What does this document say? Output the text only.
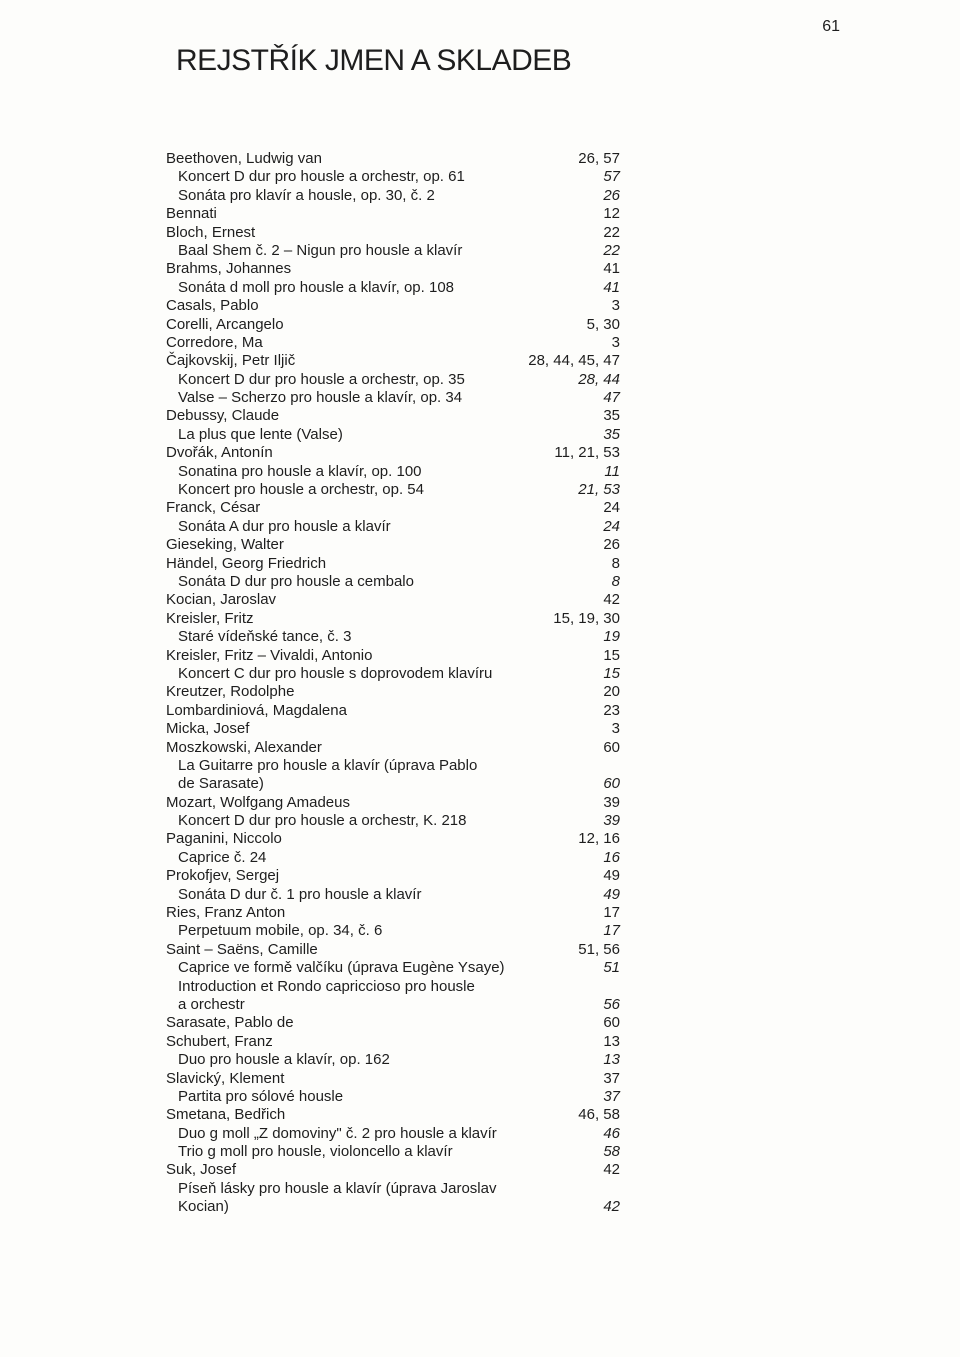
61
REJSTŘÍK JMEN A SKLADEB
Beethoven, Ludwig van	26, 57
Koncert D dur pro housle a orchestr, op. 61	57
Sonáta pro klavír a housle, op. 30, č. 2	26
Bennati	12
Bloch, Ernest	22
Baal Shem č. 2 – Nigun pro housle a klavír	22
Brahms, Johannes	41
Sonáta d moll pro housle a klavír, op. 108	41
Casals, Pablo	3
Corelli, Arcangelo	5, 30
Corredore, Ma	3
Čajkovskij, Petr Iljič	28, 44, 45, 47
Koncert D dur pro housle a orchestr, op. 35	28, 44
Valse – Scherzo pro housle a klavír, op. 34	47
Debussy, Claude	35
La plus que lente (Valse)	35
Dvořák, Antonín	11, 21, 53
Sonatina pro housle a klavír, op. 100	11
Koncert pro housle a orchestr, op. 54	21, 53
Franck, César	24
Sonáta A dur pro housle a klavír	24
Gieseking, Walter	26
Händel, Georg Friedrich	8
Sonáta D dur pro housle a cembalo	8
Kocian, Jaroslav	42
Kreisler, Fritz	15, 19, 30
Staré vídeňské tance, č. 3	19
Kreisler, Fritz – Vivaldi, Antonio	15
Koncert C dur pro housle s doprovodem klavíru	15
Kreutzer, Rodolphe	20
Lombardiniová, Magdalena	23
Micka, Josef	3
Moszkowski, Alexander	60
La Guitarre pro housle a klavír (úprava Pablo
de Sarasate)	60
Mozart, Wolfgang Amadeus	39
Koncert D dur pro housle a orchestr, K. 218	39
Paganini, Niccolo	12, 16
Caprice č. 24	16
Prokofjev, Sergej	49
Sonáta D dur č. 1 pro housle a klavír	49
Ries, Franz Anton	17
Perpetuum mobile, op. 34, č. 6	17
Saint – Saëns, Camille	51, 56
Caprice ve formě valčíku (úprava Eugène Ysaye)	51
Introduction et Rondo capriccioso pro housle
a orchestr	56
Sarasate, Pablo de	60
Schubert, Franz	13
Duo pro housle a klavír, op. 162	13
Slavický, Klement	37
Partita pro sólové housle	37
Smetana, Bedřich	46, 58
Duo g moll „Z domoviny" č. 2 pro housle a klavír	46
Trio g moll pro housle, violoncello a klavír	58
Suk, Josef	42
Píseň lásky pro housle a klavír (úprava Jaroslav
Kocian)	42
